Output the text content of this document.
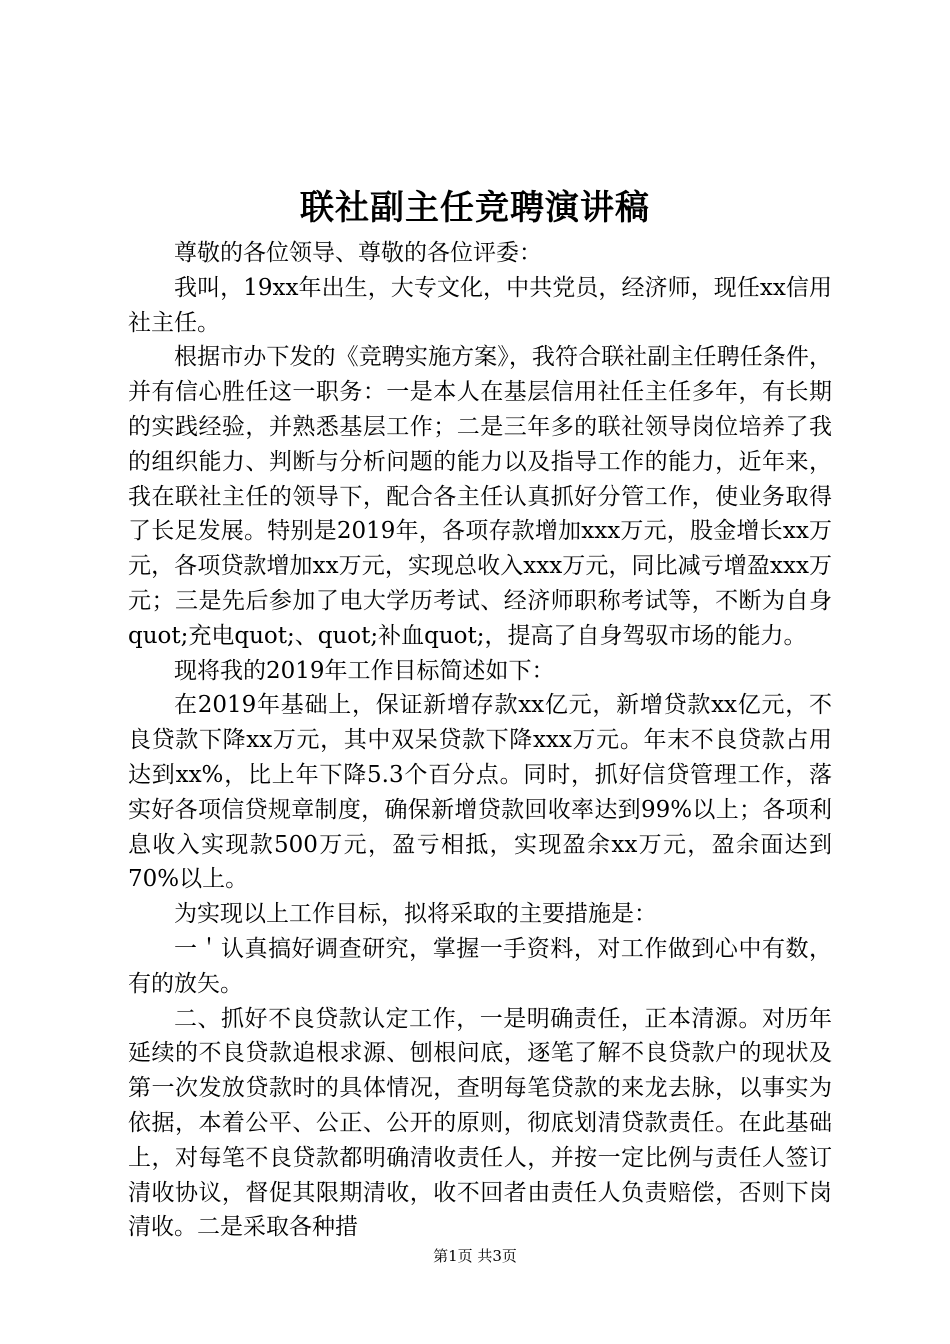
联社副主任竞聘演讲稿

尊敬的各位领导、尊敬的各位评委：

我叫，19xx年出生，大专文化，中共党员，经济师，现任xx信用社主任。

根据市办下发的《竞聘实施方案》，我符合联社副主任聘任条件，并有信心胜任这一职务：一是本人在基层信用社任主任多年，有长期的实践经验，并熟悉基层工作；二是三年多的联社领导岗位培养了我的组织能力、判断与分析问题的能力以及指导工作的能力，近年来，我在联社主任的领导下，配合各主任认真抓好分管工作，使业务取得了长足发展。特别是2019年，各项存款增加xxx万元，股金增长xx万元，各项贷款增加xx万元，实现总收入xxx万元，同比减亏增盈xxx万元；三是先后参加了电大学历考试、经济师职称考试等，不断为自身quot;充电quot;、quot;补血quot;，提高了自身驾驭市场的能力。

现将我的2019年工作目标简述如下：

在2019年基础上，保证新增存款xx亿元，新增贷款xx亿元，不良贷款下降xx万元，其中双呆贷款下降xxx万元。年末不良贷款占用达到xx%，比上年下降5.3个百分点。同时，抓好信贷管理工作，落实好各项信贷规章制度，确保新增贷款回收率达到99%以上；各项利息收入实现款500万元，盈亏相抵，实现盈余xx万元，盈余面达到70%以上。

为实现以上工作目标，拟将采取的主要措施是：

一＇认真搞好调查研究，掌握一手资料，对工作做到心中有数，有的放矢。

二、抓好不良贷款认定工作，一是明确责任，正本清源。对历年延续的不良贷款追根求源、刨根问底，逐笔了解不良贷款户的现状及第一次发放贷款时的具体情况，查明每笔贷款的来龙去脉，以事实为依据，本着公平、公正、公开的原则，彻底划清贷款责任。在此基础上，对每笔不良贷款都明确清收责任人，并按一定比例与责任人签订清收协议，督促其限期清收，收不回者由责任人负责赔偿，否则下岗清收。二是采取各种措

第1页 共3页
